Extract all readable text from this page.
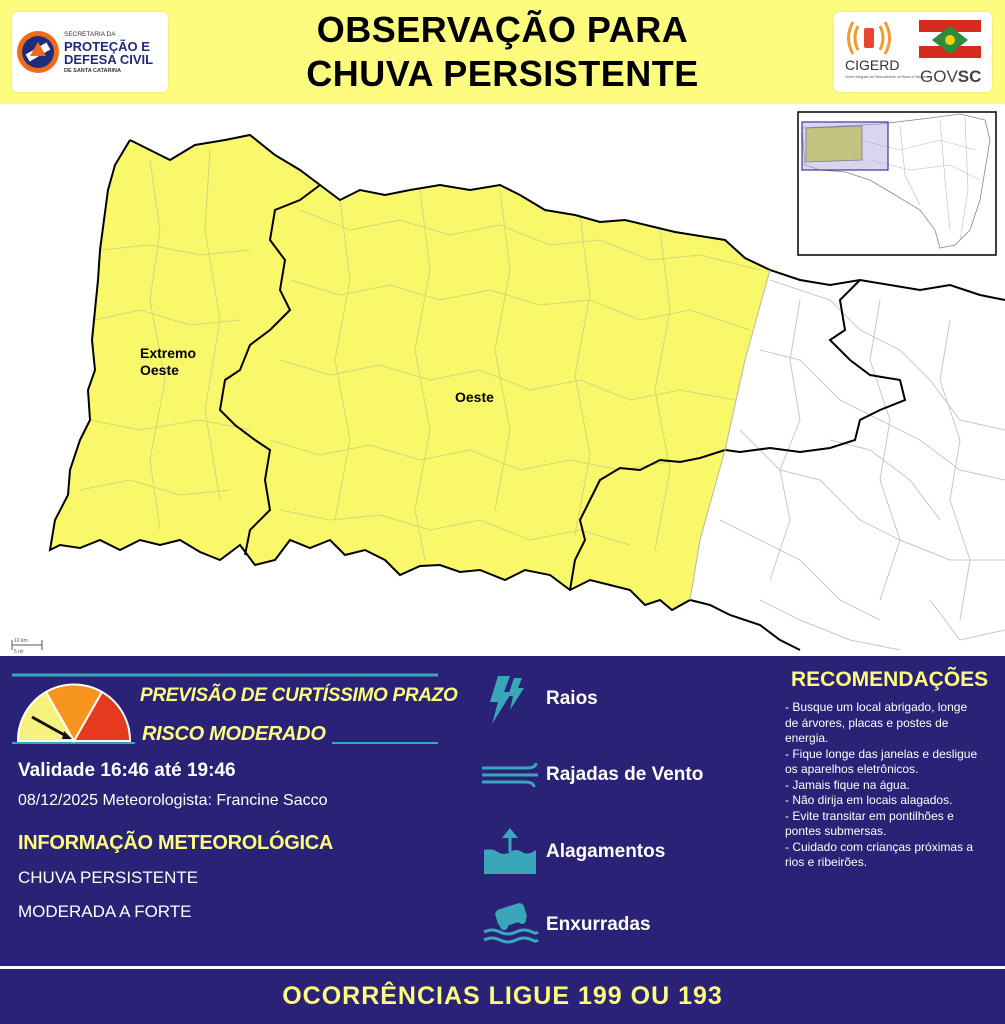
SECRETARIA DA
PROTEÇÃO E
DEFESA CIVIL
DE SANTA CATARINA
OBSERVAÇÃO PARA
CHUVA PERSISTENTE	CIGERD
Centro Integrado de Gerenciamento de Riscos e Desastres
GOVSC
Extremo
Oeste
Oeste
10 km
5 mi
PREVISÃO DE CURTÍSSIMO PRAZO
RISCO MODERADO
Validade 16:46 até 19:46
08/12/2025 Meteorologista: Francine Sacco
INFORMAÇÃO METEOROLÓGICA
CHUVA PERSISTENTE
MODERADA A FORTE
Raios
Rajadas de Vento
Alagamentos
Enxurradas
RECOMENDAÇÕES
- Busque um local abrigado, longe
de árvores, placas e postes de
energia.
- Fique longe das janelas e desligue
os aparelhos eletrônicos.
- Jamais fique na água.
- Não dirija em locais alagados.
- Evite transitar em pontilhões e
pontes submersas.
- Cuidado com crianças próximas a
rios e ribeirões.
OCORRÊNCIAS LIGUE 199 OU 193
